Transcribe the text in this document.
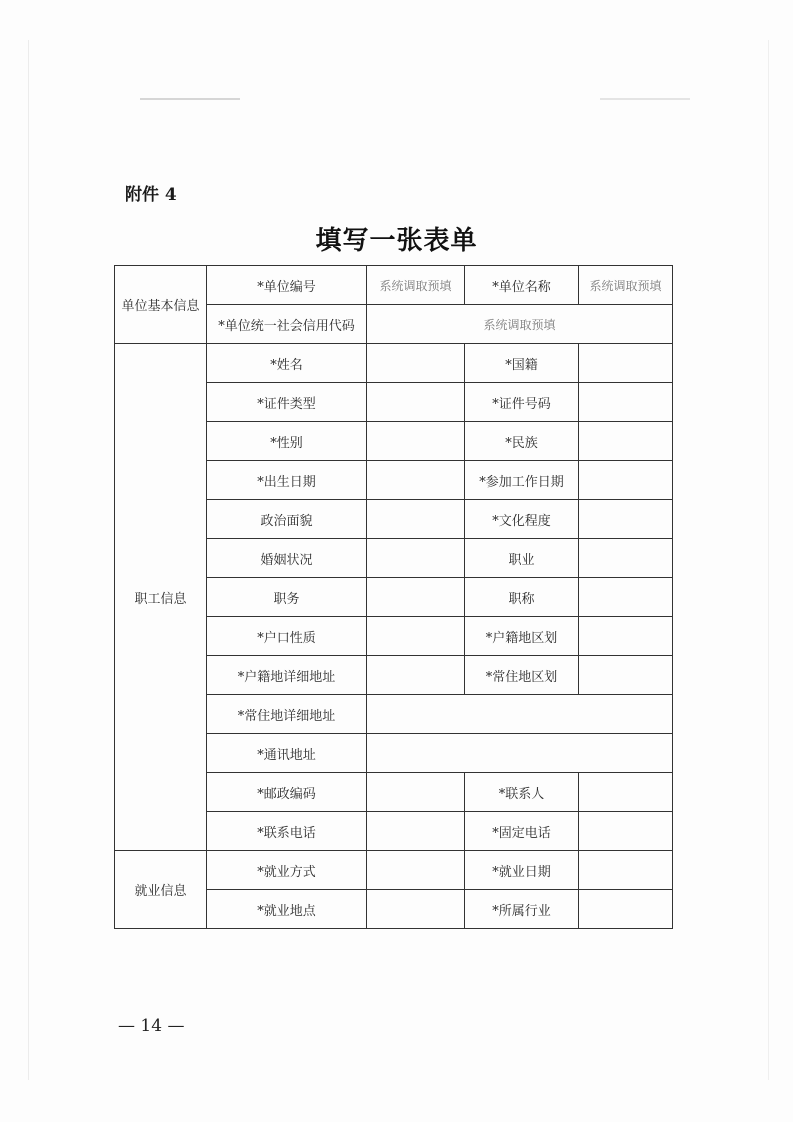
附件 4
填写一张表单
单位基本信息	*单位编号	系统调取预填	*单位名称	系统调取预填
	*单位统一社会信用代码	系统调取预填		
职工信息	*姓名		*国籍	
	*证件类型		*证件号码	
	*性别		*民族	
	*出生日期		*参加工作日期	
	政治面貌		*文化程度	
	婚姻状况		职业	
	职务		职称	
	*户口性质		*户籍地区划	
	*户籍地详细地址		*常住地区划	
	*常住地详细地址			
	*通讯地址			
	*邮政编码		*联系人	
	*联系电话		*固定电话	
就业信息	*就业方式		*就业日期	
	*就业地点		*所属行业	
— 14 —
